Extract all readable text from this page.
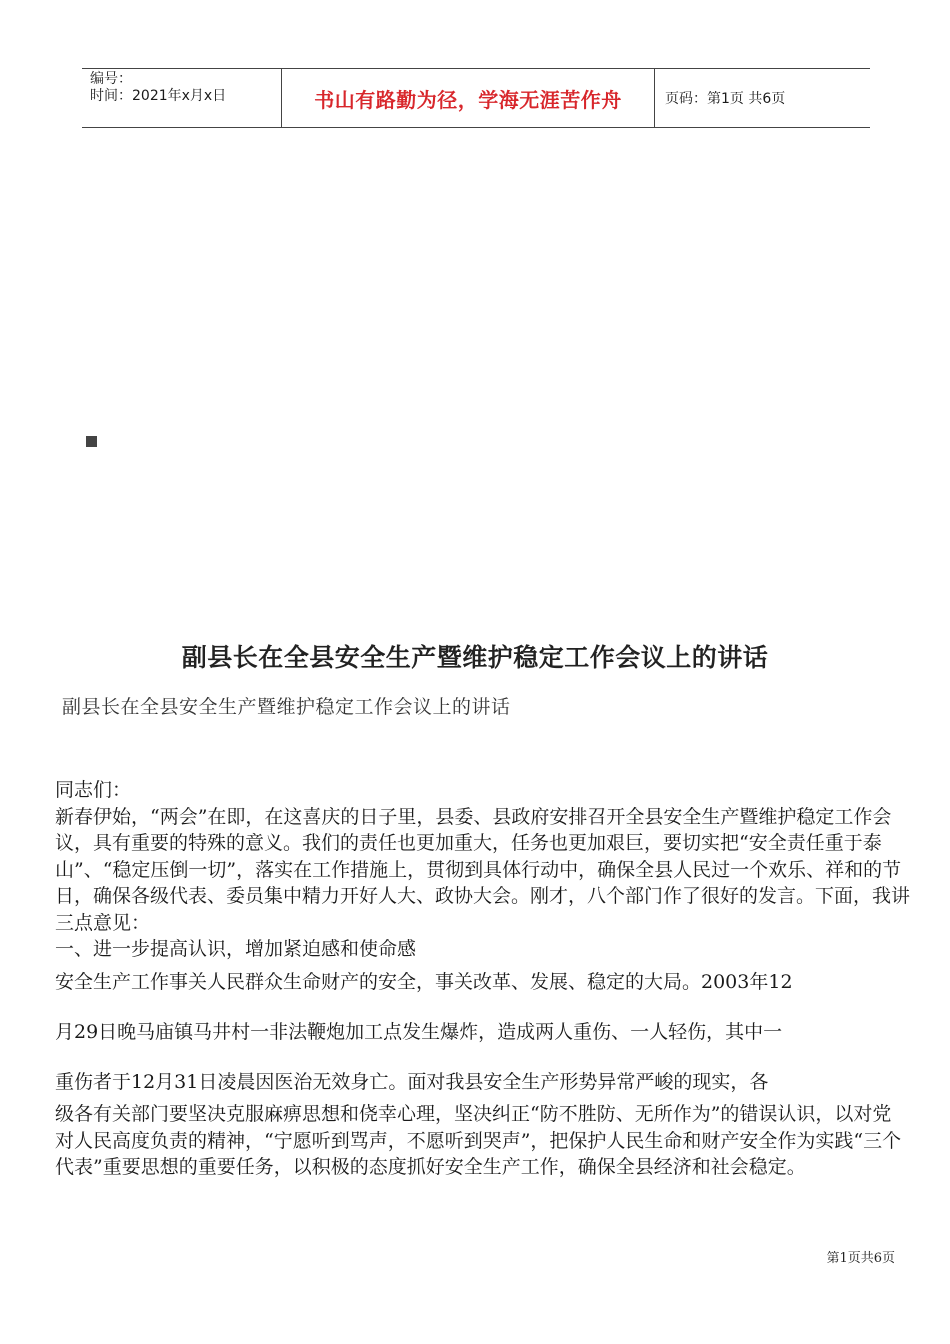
编号：
时间：2021年x月x日	书山有路勤为径，学海无涯苦作舟	页码：第1页 共6页
副县长在全县安全生产暨维护稳定工作会议上的讲话
副县长在全县安全生产暨维护稳定工作会议上的讲话

同志们：

新春伊始，“两会”在即，在这喜庆的日子里，县委、县政府安排召开全县安全生产暨维护稳定工作会议，具有重要的特殊的意义。我们的责任也更加重大，任务也更加艰巨，要切实把“安全责任重于泰山”、“稳定压倒一切”，落实在工作措施上，贯彻到具体行动中，确保全县人民过一个欢乐、祥和的节日，确保各级代表、委员集中精力开好人大、政协大会。刚才，八个部门作了很好的发言。下面，我讲三点意见：

一、进一步提高认识，增加紧迫感和使命感

安全生产工作事关人民群众生命财产的安全，事关改革、发展、稳定的大局。2003年12

月29日晚马庙镇马井村一非法鞭炮加工点发生爆炸，造成两人重伤、一人轻伤，其中一

重伤者于12月31日凌晨因医治无效身亡。面对我县安全生产形势异常严峻的现实，各

级各有关部门要坚决克服麻痹思想和侥幸心理，坚决纠正“防不胜防、无所作为”的错误认识，以对党对人民高度负责的精神，“宁愿听到骂声，不愿听到哭声”，把保护人民生命和财产安全作为实践“三个代表”重要思想的重要任务，以积极的态度抓好安全生产工作，确保全县经济和社会稳定。

第1页共6页
